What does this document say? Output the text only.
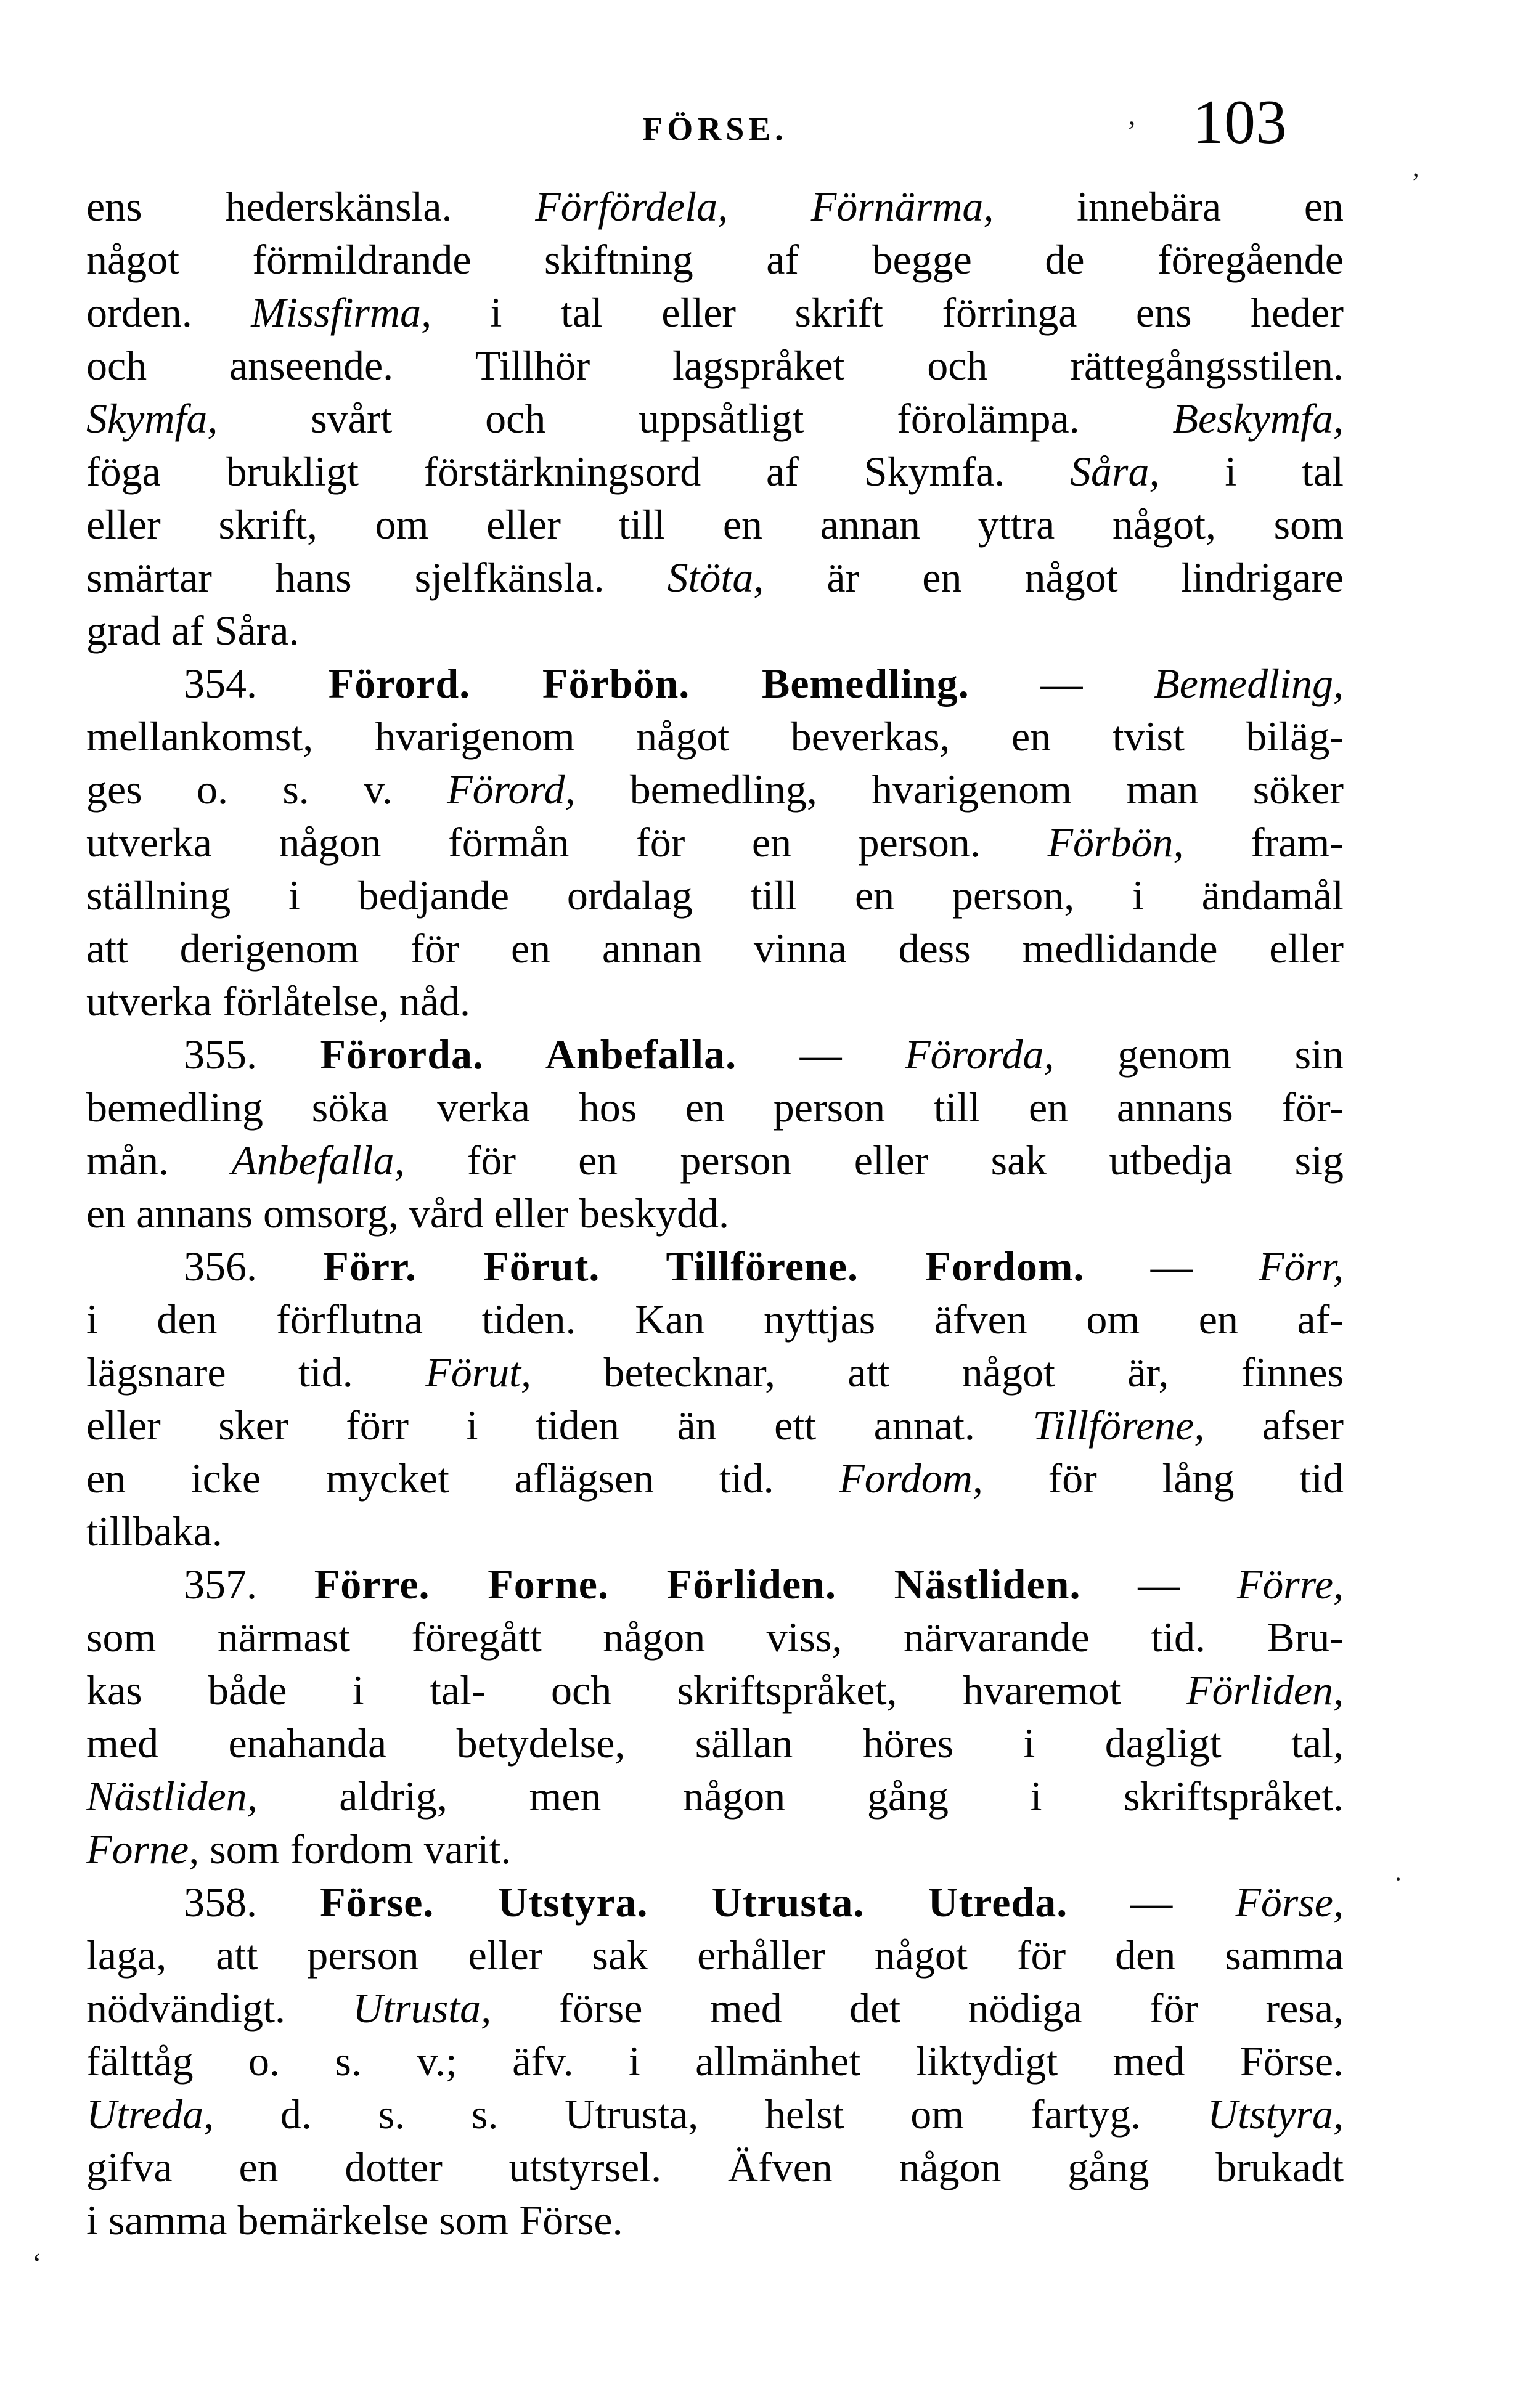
FÖRSE.	103
ens hederskänsla. Förfördela, Förnärma, innebära en
något förmildrande skiftning af begge de föregående
orden. Missfirma, i tal eller skrift förringa ens heder
och anseende. Tillhör lagspråket och rättegångsstilen.
Skymfa, svårt och uppsåtligt förolämpa. Beskymfa,
föga brukligt förstärkningsord af Skymfa. Såra, i tal
eller skrift, om eller till en annan yttra något, som
smärtar hans sjelfkänsla. Stöta, är en något lindrigare
grad af Såra.
354. Förord. Förbön. Bemedling. — Bemedling,
mellankomst, hvarigenom något beverkas, en tvist biläg-
ges o. s. v. Förord, bemedling, hvarigenom man söker
utverka någon förmån för en person. Förbön, fram-
ställning i bedjande ordalag till en person, i ändamål
att derigenom för en annan vinna dess medlidande eller
utverka förlåtelse, nåd.
355. Förorda. Anbefalla. — Förorda, genom sin
bemedling söka verka hos en person till en annans för-
mån. Anbefalla, för en person eller sak utbedja sig
en annans omsorg, vård eller beskydd.
356. Förr. Förut. Tillförene. Fordom. — Förr,
i den förflutna tiden. Kan nyttjas äfven om en af-
lägsnare tid. Förut, betecknar, att något är, finnes
eller sker förr i tiden än ett annat. Tillförene, afser
en icke mycket aflägsen tid. Fordom, för lång tid
tillbaka.
357. Förre. Forne. Förliden. Nästliden. — Förre,
som närmast föregått någon viss, närvarande tid. Bru-
kas både i tal- och skriftspråket, hvaremot Förliden,
med enahanda betydelse, sällan höres i dagligt tal,
Nästliden, aldrig, men någon gång i skriftspråket.
Forne, som fordom varit.
358. Förse. Utstyra. Utrusta. Utreda. — Förse,
laga, att person eller sak erhåller något för den samma
nödvändigt. Utrusta, förse med det nödiga för resa,
fälttåg o. s. v.; äfv. i allmänhet liktydigt med Förse.
Utreda, d. s. s. Utrusta, helst om fartyg. Utstyra,
gifva en dotter utstyrsel. Äfven någon gång brukadt
i samma bemärkelse som Förse.
’
,
·
‘
